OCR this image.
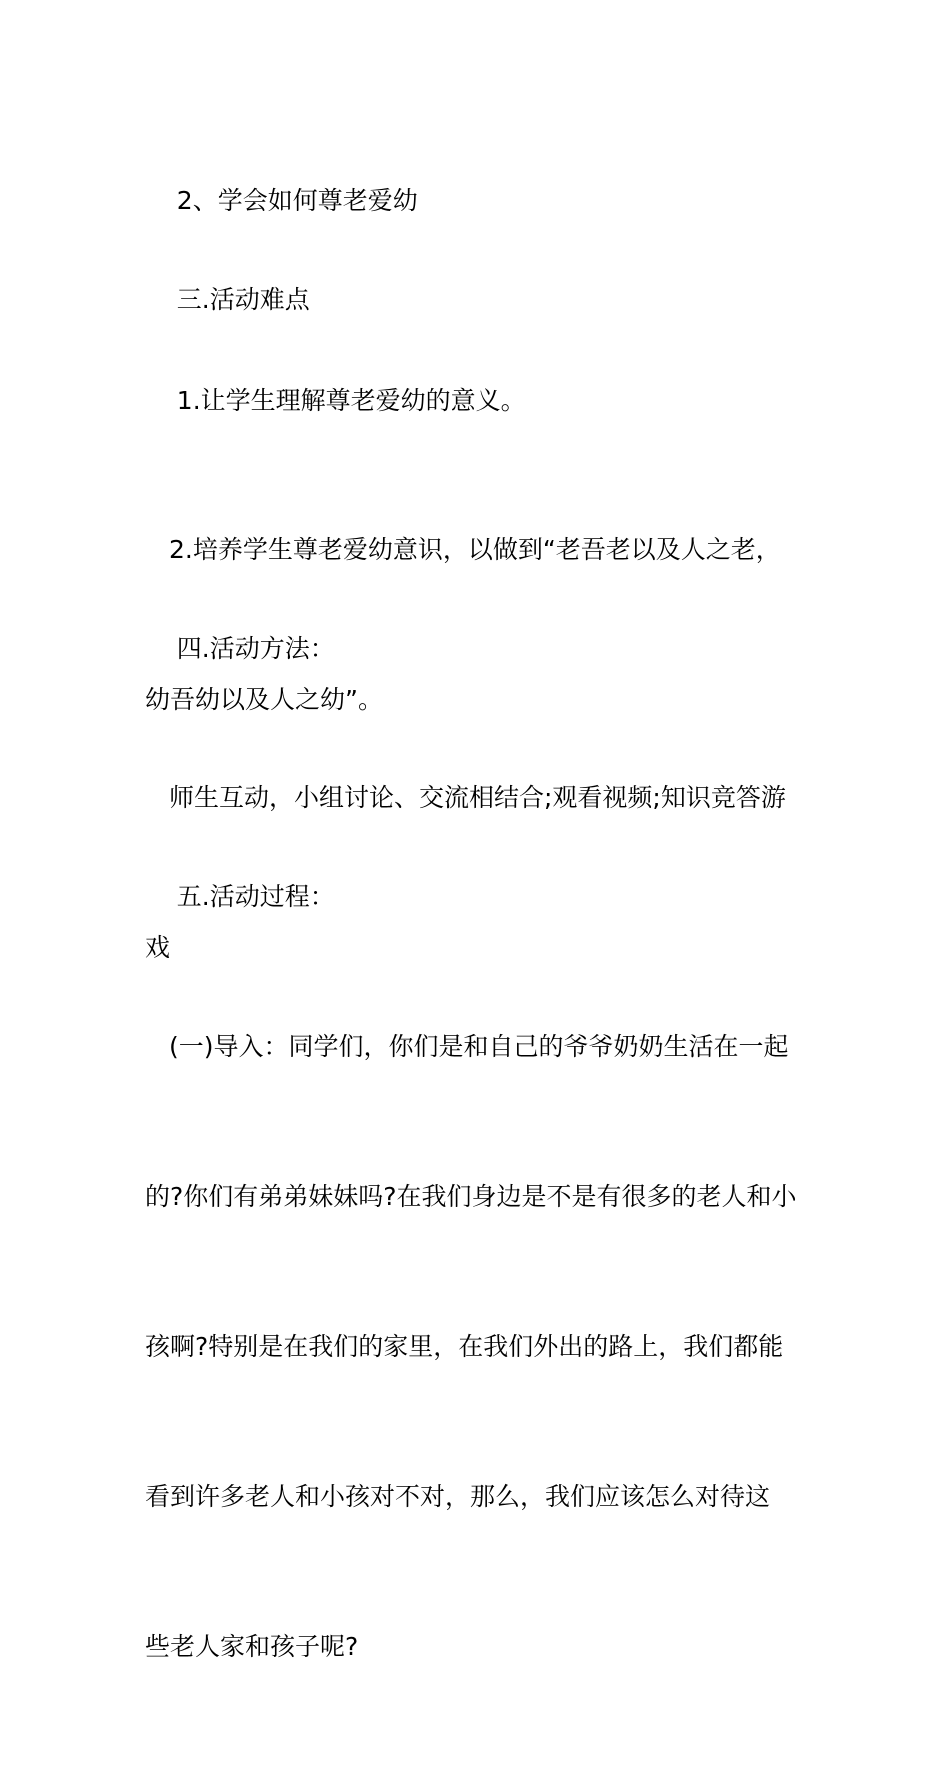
2、学会如何尊老爱幼

三.活动难点

1.让学生理解尊老爱幼的意义。

2.培养学生尊老爱幼意识，以做到“老吾老以及人之老，

幼吾幼以及人之幼”。

四.活动方法：

师生互动，小组讨论、交流相结合;观看视频;知识竞答游

戏

五.活动过程：

(一)导入：同学们，你们是和自己的爷爷奶奶生活在一起

的?你们有弟弟妹妹吗?在我们身边是不是有很多的老人和小

孩啊?特别是在我们的家里，在我们外出的路上，我们都能

看到许多老人和小孩对不对，那么，我们应该怎么对待这

些老人家和孩子呢?
